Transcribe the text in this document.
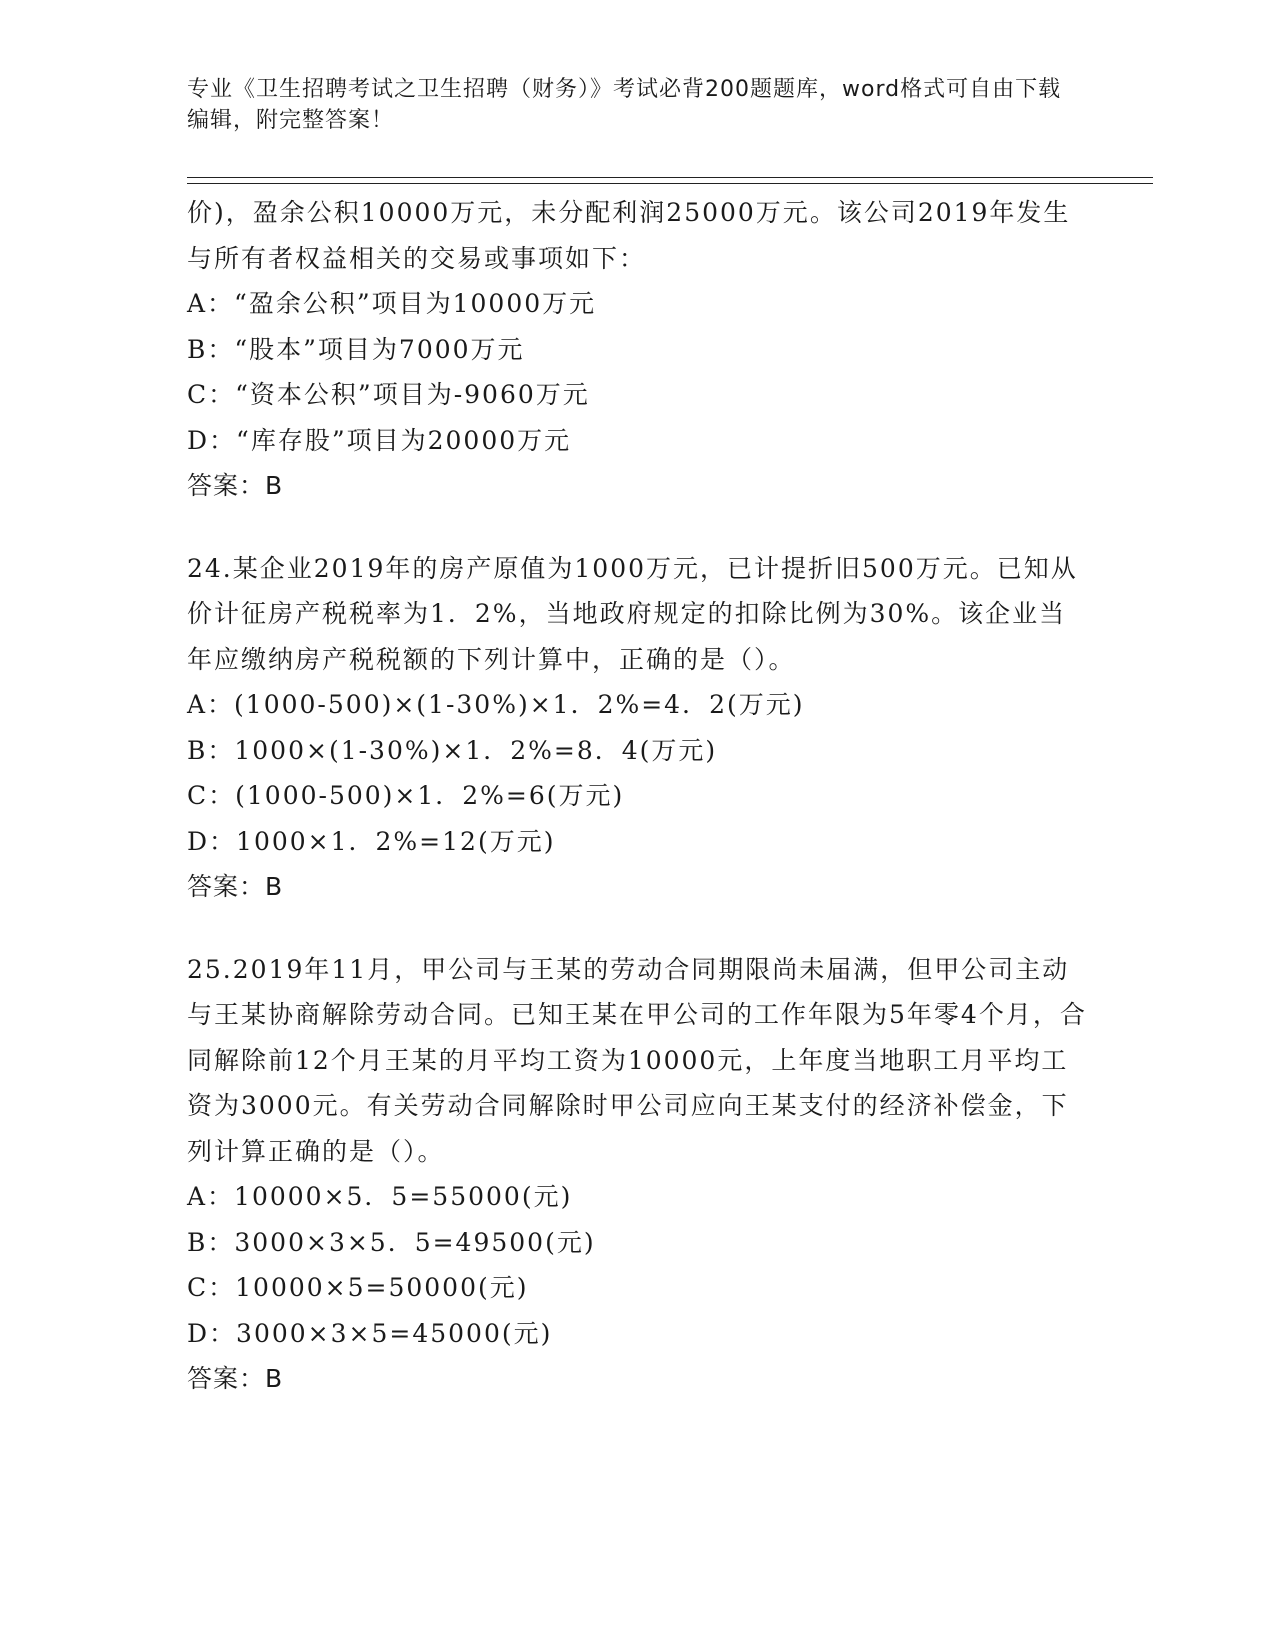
专业《卫生招聘考试之卫生招聘（财务）》考试必背200题题库，word格式可自由下载编辑，附完整答案！
价)，盈余公积10000万元，未分配利润25000万元。该公司2019年发生与所有者权益相关的交易或事项如下：
A：“盈余公积”项目为10000万元
B：“股本”项目为7000万元
C：“资本公积”项目为-9060万元
D：“库存股”项目为20000万元
答案：B
24.某企业2019年的房产原值为1000万元，已计提折旧500万元。已知从价计征房产税税率为1．2%，当地政府规定的扣除比例为30%。该企业当年应缴纳房产税税额的下列计算中，正确的是（）。
A：(1000-500)×(1-30%)×1．2%=4．2(万元)
B：1000×(1-30%)×1．2%=8．4(万元)
C：(1000-500)×1．2%=6(万元)
D：1000×1．2%=12(万元)
答案：B
25.2019年11月，甲公司与王某的劳动合同期限尚未届满，但甲公司主动与王某协商解除劳动合同。已知王某在甲公司的工作年限为5年零4个月，合同解除前12个月王某的月平均工资为10000元，上年度当地职工月平均工资为3000元。有关劳动合同解除时甲公司应向王某支付的经济补偿金，下列计算正确的是（）。
A：10000×5．5=55000(元)
B：3000×3×5．5=49500(元)
C：10000×5=50000(元)
D：3000×3×5=45000(元)
答案：B
